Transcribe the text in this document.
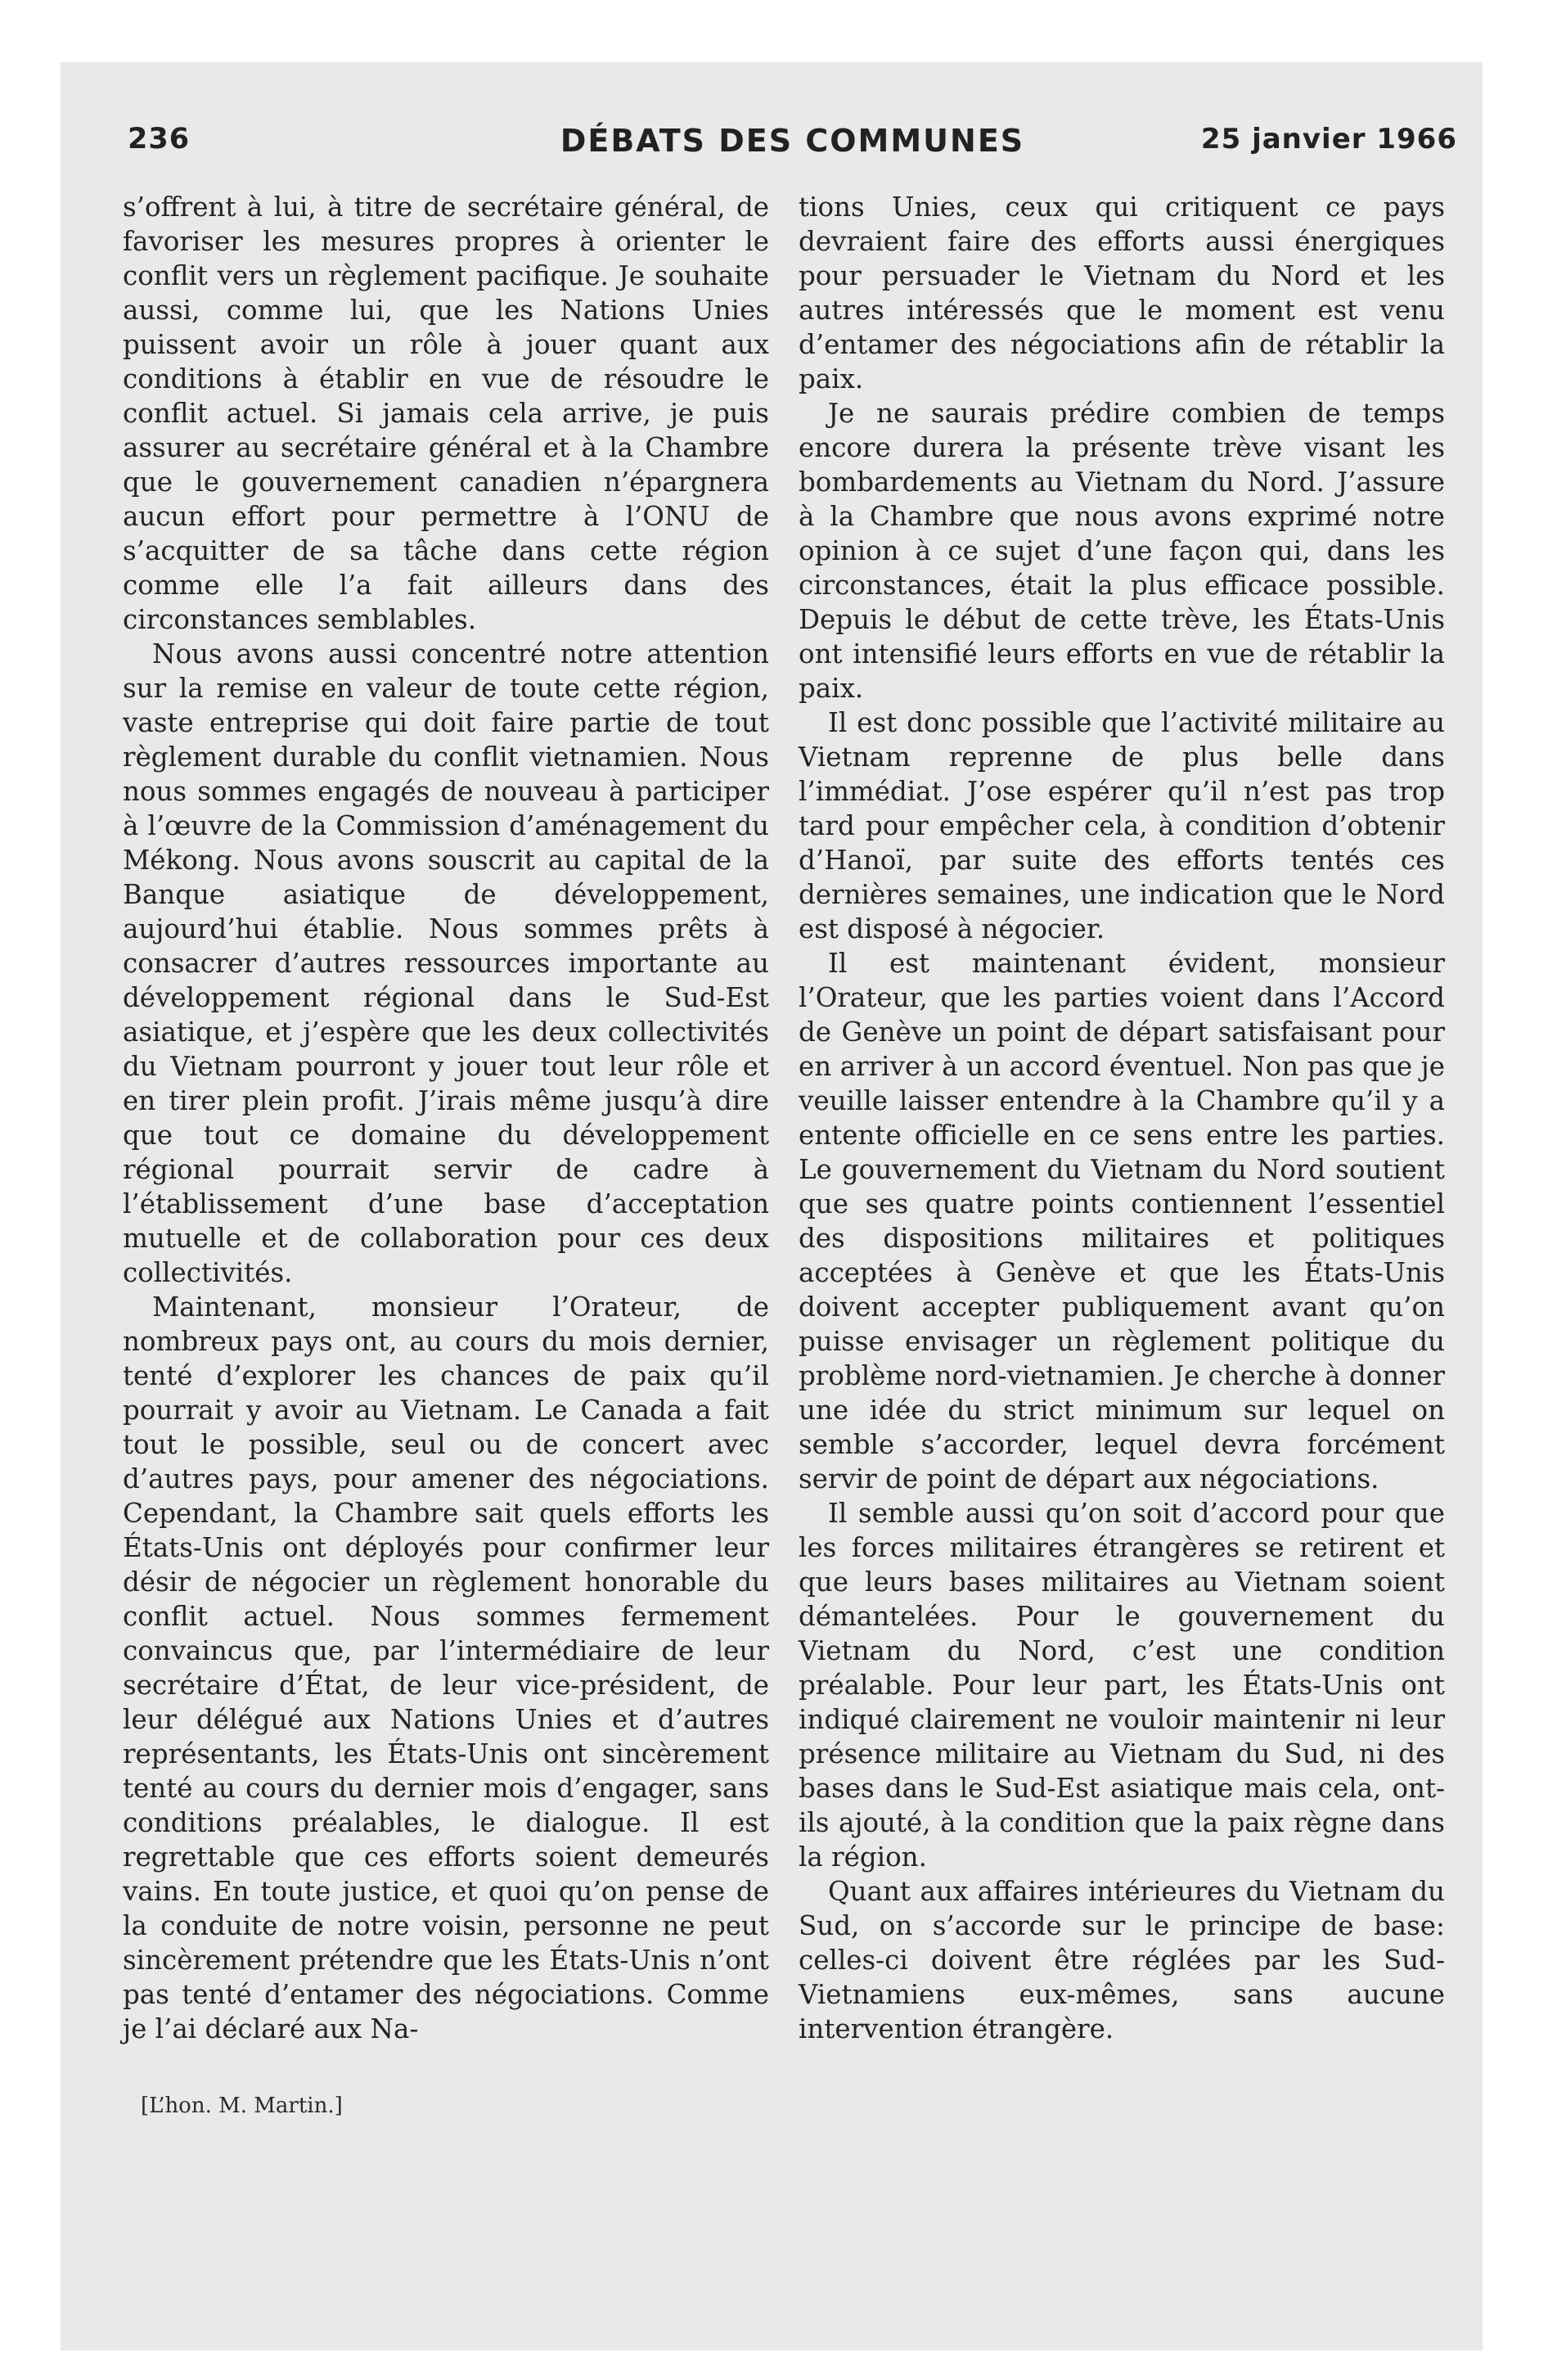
236	DÉBATS DES COMMUNES	25 janvier 1966

s’offrent à lui, à titre de secrétaire général, de favoriser les mesures propres à orienter le conflit vers un règlement pacifique. Je souhaite aussi, comme lui, que les Nations Unies puissent avoir un rôle à jouer quant aux conditions à établir en vue de résoudre le conflit actuel. Si jamais cela arrive, je puis assurer au secrétaire général et à la Chambre que le gouvernement canadien n’épargnera aucun effort pour permettre à l’ONU de s’acquitter de sa tâche dans cette région comme elle l’a fait ailleurs dans des circonstances semblables.

Nous avons aussi concentré notre attention sur la remise en valeur de toute cette région, vaste entreprise qui doit faire partie de tout règlement durable du conflit vietnamien. Nous nous sommes engagés de nouveau à participer à l’œuvre de la Commission d’aménagement du Mékong. Nous avons souscrit au capital de la Banque asiatique de développement, aujourd’hui établie. Nous sommes prêts à consacrer d’autres ressources importante au développement régional dans le Sud-Est asiatique, et j’espère que les deux collectivités du Vietnam pourront y jouer tout leur rôle et en tirer plein profit. J’irais même jusqu’à dire que tout ce domaine du développement régional pourrait servir de cadre à l’établissement d’une base d’acceptation mutuelle et de collaboration pour ces deux collectivités.

Maintenant, monsieur l’Orateur, de nombreux pays ont, au cours du mois dernier, tenté d’explorer les chances de paix qu’il pourrait y avoir au Vietnam. Le Canada a fait tout le possible, seul ou de concert avec d’autres pays, pour amener des négociations. Cependant, la Chambre sait quels efforts les États-Unis ont déployés pour confirmer leur désir de négocier un règlement honorable du conflit actuel. Nous sommes fermement convaincus que, par l’intermédiaire de leur secrétaire d’État, de leur vice-président, de leur délégué aux Nations Unies et d’autres représentants, les États-Unis ont sincèrement tenté au cours du dernier mois d’engager, sans conditions préalables, le dialogue. Il est regrettable que ces efforts soient demeurés vains. En toute justice, et quoi qu’on pense de la conduite de notre voisin, personne ne peut sincèrement prétendre que les États-Unis n’ont pas tenté d’entamer des négociations. Comme je l’ai déclaré aux Na-

tions Unies, ceux qui critiquent ce pays devraient faire des efforts aussi énergiques pour persuader le Vietnam du Nord et les autres intéressés que le moment est venu d’entamer des négociations afin de rétablir la paix.

Je ne saurais prédire combien de temps encore durera la présente trève visant les bombardements au Vietnam du Nord. J’assure à la Chambre que nous avons exprimé notre opinion à ce sujet d’une façon qui, dans les circonstances, était la plus efficace possible. Depuis le début de cette trève, les États-Unis ont intensifié leurs efforts en vue de rétablir la paix.

Il est donc possible que l’activité militaire au Vietnam reprenne de plus belle dans l’immédiat. J’ose espérer qu’il n’est pas trop tard pour empêcher cela, à condition d’obtenir d’Hanoï, par suite des efforts tentés ces dernières semaines, une indication que le Nord est disposé à négocier.

Il est maintenant évident, monsieur l’Orateur, que les parties voient dans l’Accord de Genève un point de départ satisfaisant pour en arriver à un accord éventuel. Non pas que je veuille laisser entendre à la Chambre qu’il y a entente officielle en ce sens entre les parties. Le gouvernement du Vietnam du Nord soutient que ses quatre points contiennent l’essentiel des dispositions militaires et politiques acceptées à Genève et que les États-Unis doivent accepter publiquement avant qu’on puisse envisager un règlement politique du problème nord-vietnamien. Je cherche à donner une idée du strict minimum sur lequel on semble s’accorder, lequel devra forcément servir de point de départ aux négociations.

Il semble aussi qu’on soit d’accord pour que les forces militaires étrangères se retirent et que leurs bases militaires au Vietnam soient démantelées. Pour le gouvernement du Vietnam du Nord, c’est une condition préalable. Pour leur part, les États-Unis ont indiqué clairement ne vouloir maintenir ni leur présence militaire au Vietnam du Sud, ni des bases dans le Sud-Est asiatique mais cela, ont-ils ajouté, à la condition que la paix règne dans la région.

Quant aux affaires intérieures du Vietnam du Sud, on s’accorde sur le principe de base: celles-ci doivent être réglées par les Sud-Vietnamiens eux-mêmes, sans aucune intervention étrangère.

[L’hon. M. Martin.]
